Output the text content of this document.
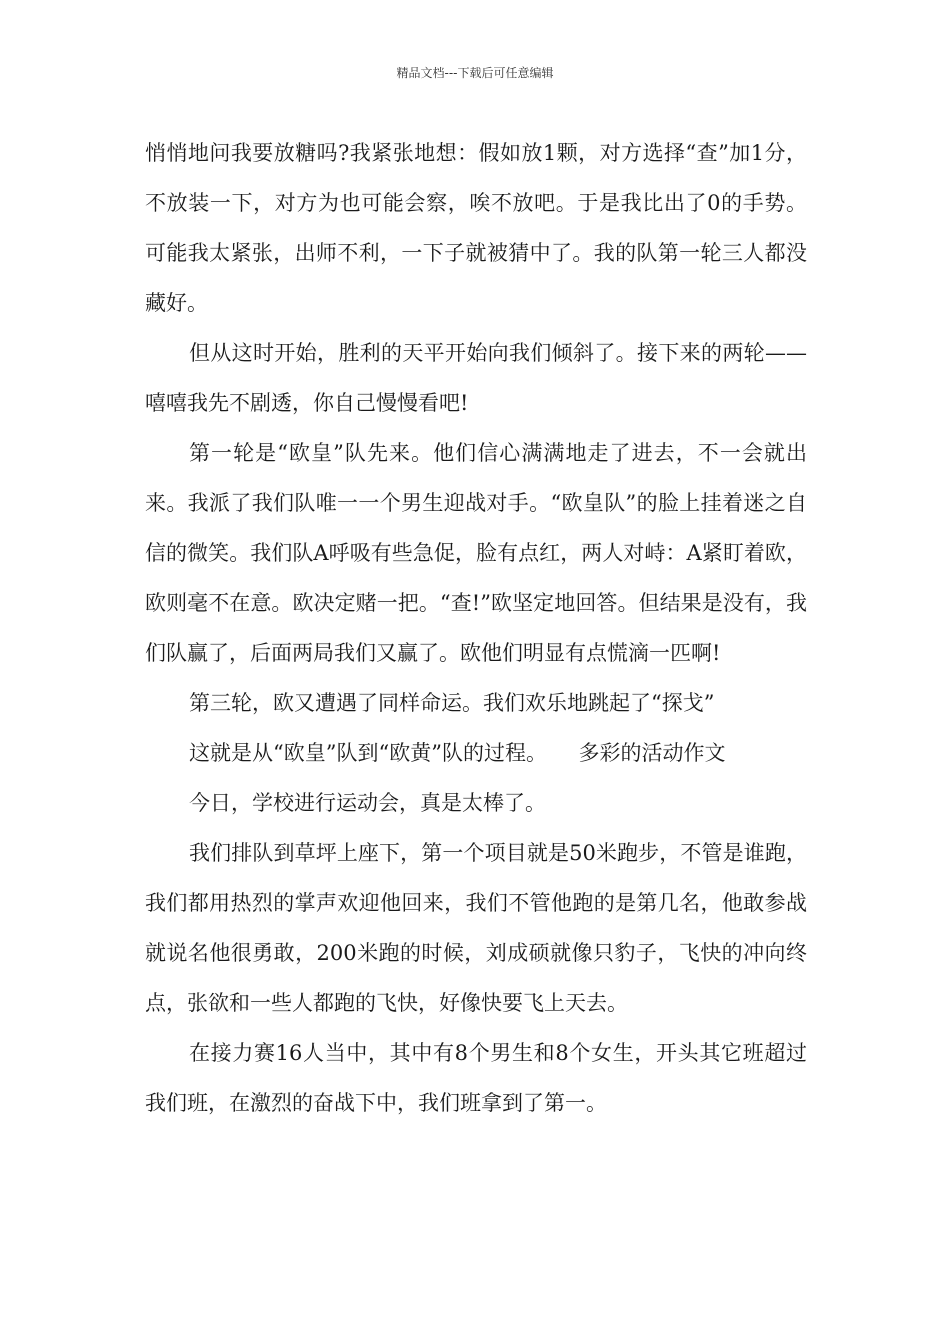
精品文档---下载后可任意编辑

悄悄地问我要放糖吗?我紧张地想：假如放1颗，对方选择“查”加1分，不放装一下，对方为也可能会察，唉不放吧。于是我比出了0的手势。可能我太紧张，出师不利，一下子就被猜中了。我的队第一轮三人都没藏好。

但从这时开始，胜利的天平开始向我们倾斜了。接下来的两轮——嘻嘻我先不剧透，你自己慢慢看吧!

第一轮是“欧皇”队先来。他们信心满满地走了进去，不一会就出来。我派了我们队唯一一个男生迎战对手。“欧皇队”的脸上挂着迷之自信的微笑。我们队A呼吸有些急促，脸有点红，两人对峙：A紧盯着欧，欧则毫不在意。欧决定赌一把。“查!”欧坚定地回答。但结果是没有，我们队赢了，后面两局我们又赢了。欧他们明显有点慌滴一匹啊!

第三轮，欧又遭遇了同样命运。我们欢乐地跳起了“探戈”

这就是从“欧皇”队到“欧黄”队的过程。　　多彩的活动作文

今日，学校进行运动会，真是太棒了。

我们排队到草坪上座下，第一个项目就是50米跑步，不管是谁跑，我们都用热烈的掌声欢迎他回来，我们不管他跑的是第几名，他敢参战就说名他很勇敢，200米跑的时候，刘成硕就像只豹子，飞快的冲向终点，张欲和一些人都跑的飞快，好像快要飞上天去。

在接力赛16人当中，其中有8个男生和8个女生，开头其它班超过我们班，在激烈的奋战下中，我们班拿到了第一。
